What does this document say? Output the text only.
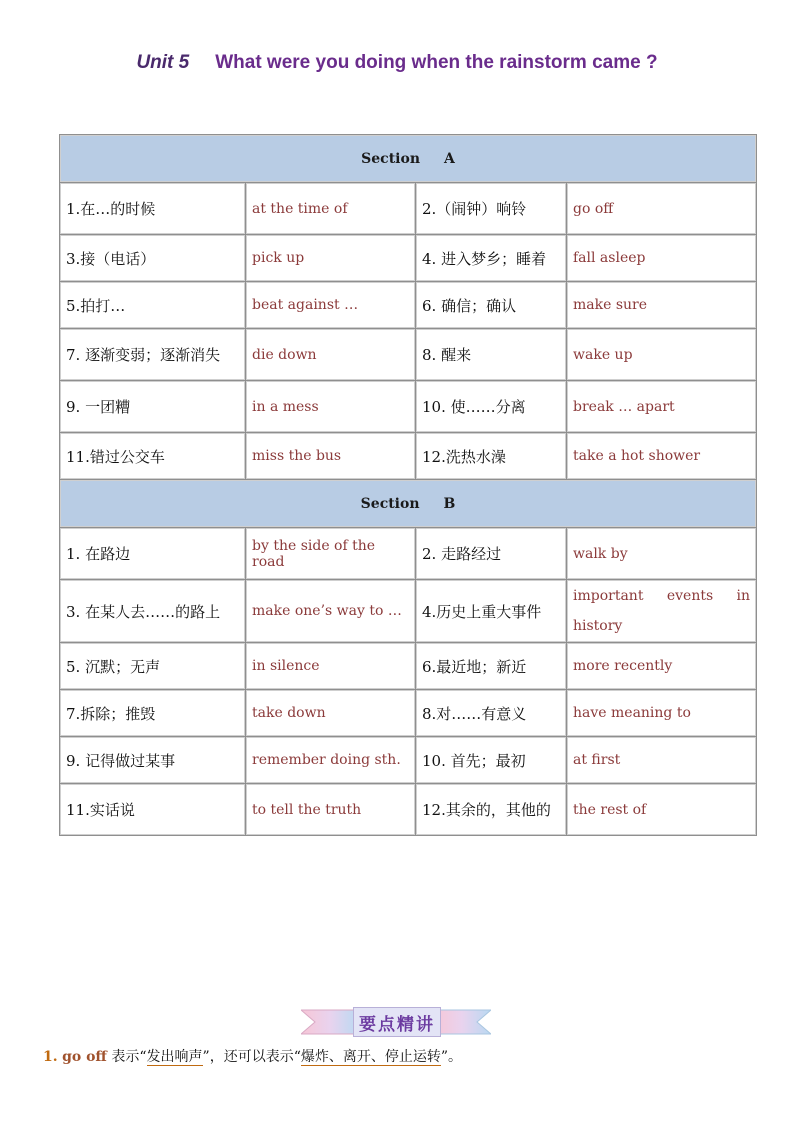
Unit 5 What were you doing when the rainstorm came ?
Section A			
1.在…的时候	at the time of	2.（闹钟）响铃	go off
3.接（电话）	pick up	4. 进入梦乡；睡着	fall asleep
5.拍打…	beat against …	6. 确信；确认	make sure
7. 逐渐变弱；逐渐消失	die down	8. 醒来	wake up
9. 一团糟	in a mess	10. 使……分离	break … apart
11.错过公交车	miss the bus	12.洗热水澡	take a hot shower
Section B			
1. 在路边	by the side of the road	2. 走路经过	walk by
3. 在某人去……的路上	make one’s way to …	4.历史上重大事件	important events in history
5. 沉默；无声	in silence	6.最近地；新近	more recently
7.拆除；推毁	take down	8.对……有意义	have meaning to
9. 记得做过某事	remember doing sth.	10. 首先；最初	at first
11.实话说	to tell the truth	12.其余的，其他的	the rest of
要点精讲
1. go off 表示“发出响声”，还可以表示“爆炸、离开、停止运转”。
